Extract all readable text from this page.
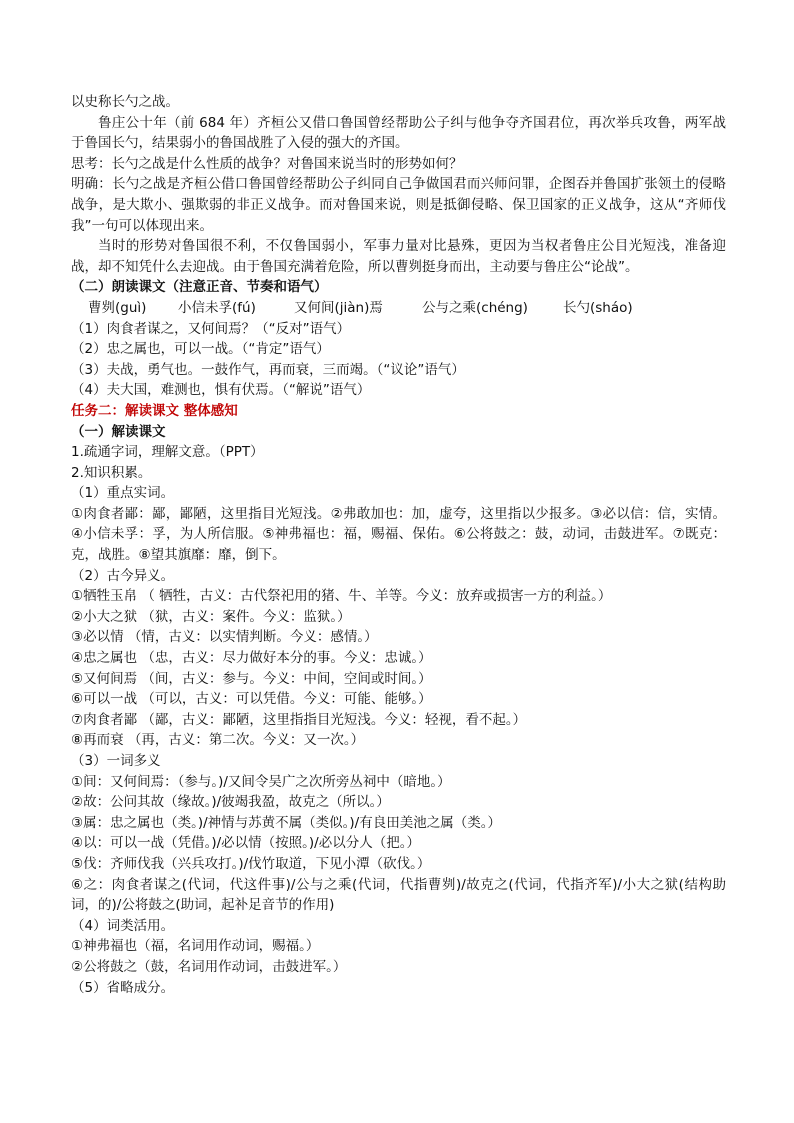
以史称长勺之战。
鲁庄公十年（前 684 年）齐桓公又借口鲁国曾经帮助公子纠与他争夺齐国君位，再次举兵攻鲁，两军战于鲁国长勺，结果弱小的鲁国战胜了入侵的强大的齐国。
思考：长勺之战是什么性质的战争？对鲁国来说当时的形势如何？
明确：长勺之战是齐桓公借口鲁国曾经帮助公子纠同自己争做国君而兴师问罪，企图吞并鲁国扩张领土的侵略战争，是大欺小、强欺弱的非正义战争。而对鲁国来说，则是抵御侵略、保卫国家的正义战争，这从“齐师伐我”一句可以体现出来。
当时的形势对鲁国很不利，不仅鲁国弱小，军事力量对比悬殊，更因为当权者鲁庄公目光短浅，准备迎战，却不知凭什么去迎战。由于鲁国充满着危险，所以曹刿挺身而出，主动要与鲁庄公“论战”。
（二）朗读课文（注意正音、节奏和语气）
曹刿(guì)	小信未孚(fú)	又何间(jiàn)焉	公与之乘(chéng)	长勺(sháo)
（1）肉食者谋之，又何间焉？（“反对”语气）
（2）忠之属也，可以一战。（“肯定”语气）
（3）夫战，勇气也。一鼓作气，再而衰，三而竭。（“议论”语气）
（4）夫大国，难测也，惧有伏焉。（“解说”语气）
任务二：解读课文 整体感知
（一）解读课文
1.疏通字词，理解文意。（PPT）
2.知识积累。
（1）重点实词。
①肉食者鄙：鄙，鄙陋，这里指目光短浅。②弗敢加也：加，虚夸，这里指以少报多。③必以信：信，实情。④小信未孚：孚，为人所信服。⑤神弗福也：福，赐福、保佑。⑥公将鼓之：鼓，动词，击鼓进军。⑦既克：克，战胜。⑧望其旗靡：靡，倒下。
（2）古今异义。
①牺牲玉帛 （ 牺牲，古义：古代祭祀用的猪、牛、羊等。今义：放弃或损害一方的利益。）
②小大之狱 （狱，古义：案件。今义：监狱。）
③必以情 （情，古义：以实情判断。今义：感情。）
④忠之属也 （忠，古义：尽力做好本分的事。今义：忠诚。）
⑤又何间焉 （间，古义：参与。今义：中间，空间或时间。）
⑥可以一战 （可以，古义：可以凭借。今义：可能、能够。）
⑦肉食者鄙 （鄙，古义：鄙陋，这里指指目光短浅。今义：轻视，看不起。）
⑧再而衰 （再，古义：第二次。今义：又一次。）
（3）一词多义
①间：又何间焉：（参与。)/又间令吴广之次所旁丛祠中（暗地。）
②故：公问其故（缘故。)/彼竭我盈，故克之（所以。）
③属：忠之属也（类。)/神情与苏黄不属（类似。)/有良田美池之属（类。）
④以：可以一战（凭借。)/必以情（按照。)/必以分人（把。）
⑤伐：齐师伐我（兴兵攻打。)/伐竹取道，下见小潭（砍伐。）
⑥之：肉食者谋之(代词，代这件事)/公与之乘(代词，代指曹刿)/故克之(代词，代指齐军)/小大之狱(结构助词，的)/公将鼓之(助词，起补足音节的作用)
（4）词类活用。
①神弗福也（福，名词用作动词，赐福。）
②公将鼓之（鼓，名词用作动词，击鼓进军。）
（5）省略成分。
